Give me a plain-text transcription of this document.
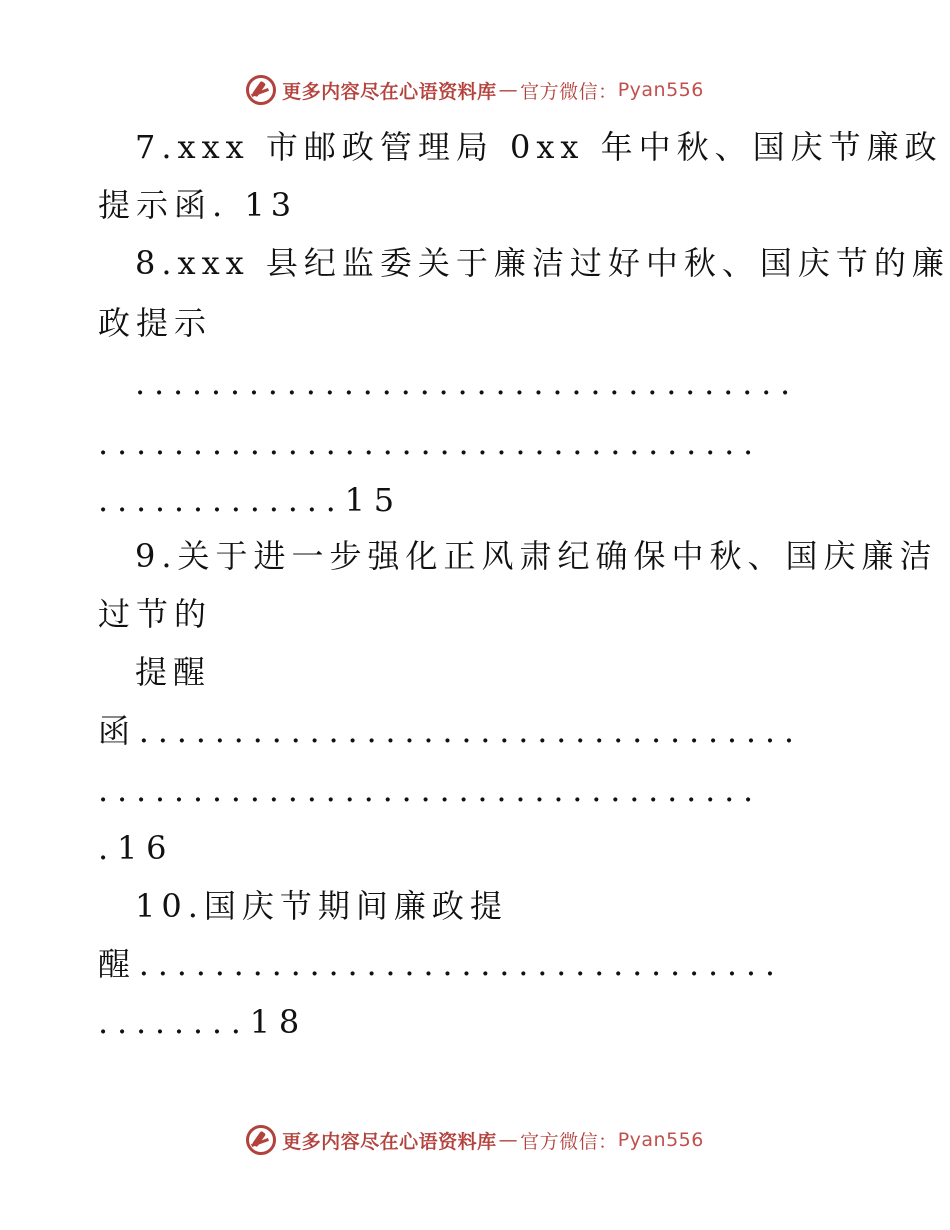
更多内容尽在心语资料库 — 官方微信： Pyan556
7.xxx 市邮政管理局 0xx 年中秋、国庆节廉政
提示函. 13
8.xxx 县纪监委关于廉洁过好中秋、国庆节的廉
政提示
...................................
...................................
.............15
9.关于进一步强化正风肃纪确保中秋、国庆廉洁
过节的
提醒
函...................................
...................................
.16
10.国庆节期间廉政提
醒..................................
........18
更多内容尽在心语资料库 — 官方微信： Pyan556
